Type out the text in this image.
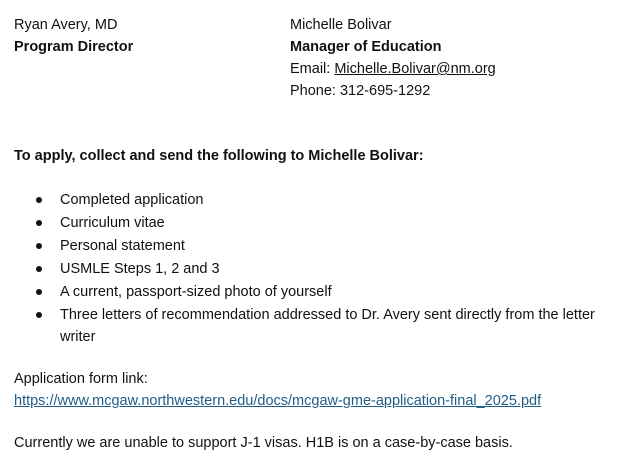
Ryan Avery, MD
Program Director
Michelle Bolivar
Manager of Education
Email: Michelle.Bolivar@nm.org
Phone: 312-695-1292
To apply, collect and send the following to Michelle Bolivar:
Completed application
Curriculum vitae
Personal statement
USMLE Steps 1, 2 and 3
A current, passport-sized photo of yourself
Three letters of recommendation addressed to Dr. Avery sent directly from the letter writer
Application form link:
https://www.mcgaw.northwestern.edu/docs/mcgaw-gme-application-final_2025.pdf
Currently we are unable to support J-1 visas. H1B is on a case-by-case basis.
